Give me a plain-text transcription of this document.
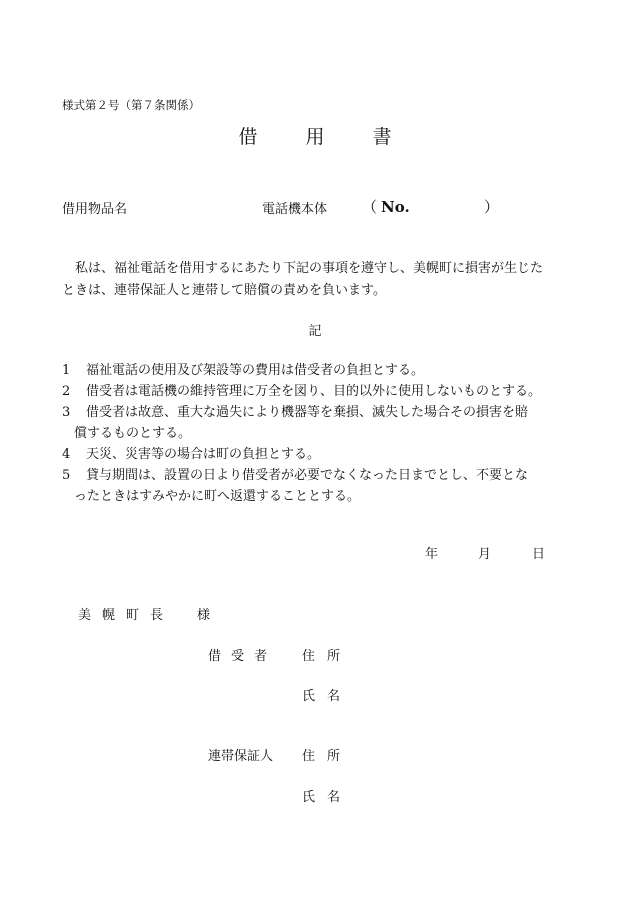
様式第２号（第７条関係）
借	用	書
借用物品名	電話機本体 （ No.	）

　私は、福祉電話を借用するにあたり下記の事項を遵守し、美幌町に損害が生じた

ときは、連帯保証人と連帯して賠償の責めを負います。

記
1	福祉電話の使用及び架設等の費用は借受者の負担とする。
2	借受者は電話機の維持管理に万全を図り、目的以外に使用しないものとする。
3	借受者は故意、重大な過失により機器等を棄損、滅失した場合その損害を賠
償するものとする。
4	天災、災害等の場合は町の負担とする。
5	貸与期間は、設置の日より借受者が必要でなくなった日までとし、不要とな
ったときはすみやかに町へ返還することとする。
年	月	日
美 幌 町 長	様
借 受 者	住 所
氏 名
連帯保証人 住 所
氏 名
